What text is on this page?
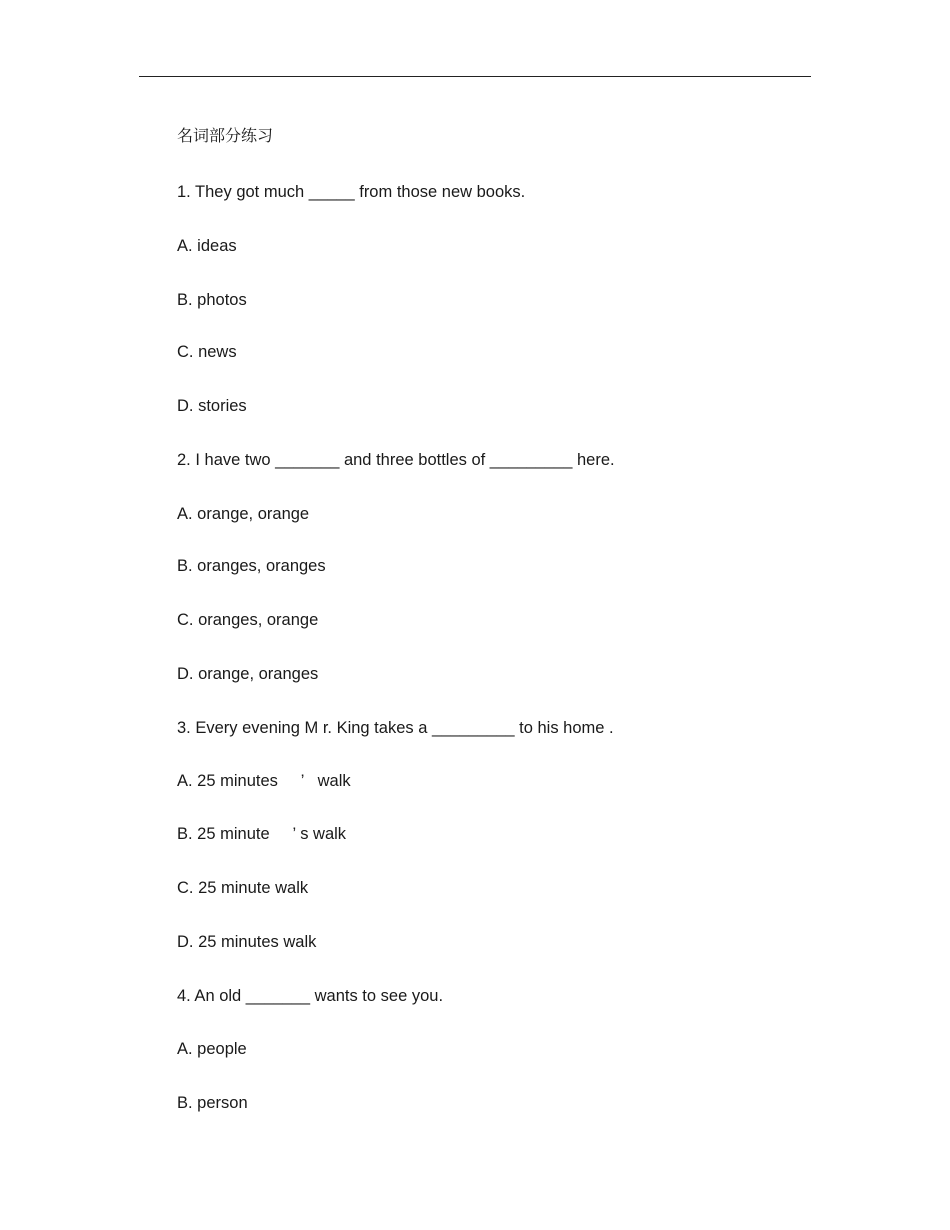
名词部分练习
1. They got much _____ from those new books.
A. ideas
B. photos
C. news
D. stories
2. I have two _______ and three bottles of _________ here.
A. orange, orange
B. oranges, oranges
C. oranges, orange
D. orange, oranges
3. Every evening M r. King takes a _________ to his home .
A. 25 minutes     ’   walk
B. 25 minute     ’ s walk
C. 25 minute walk
D. 25 minutes walk
4. An old _______ wants to see you.
A. people
B. person
